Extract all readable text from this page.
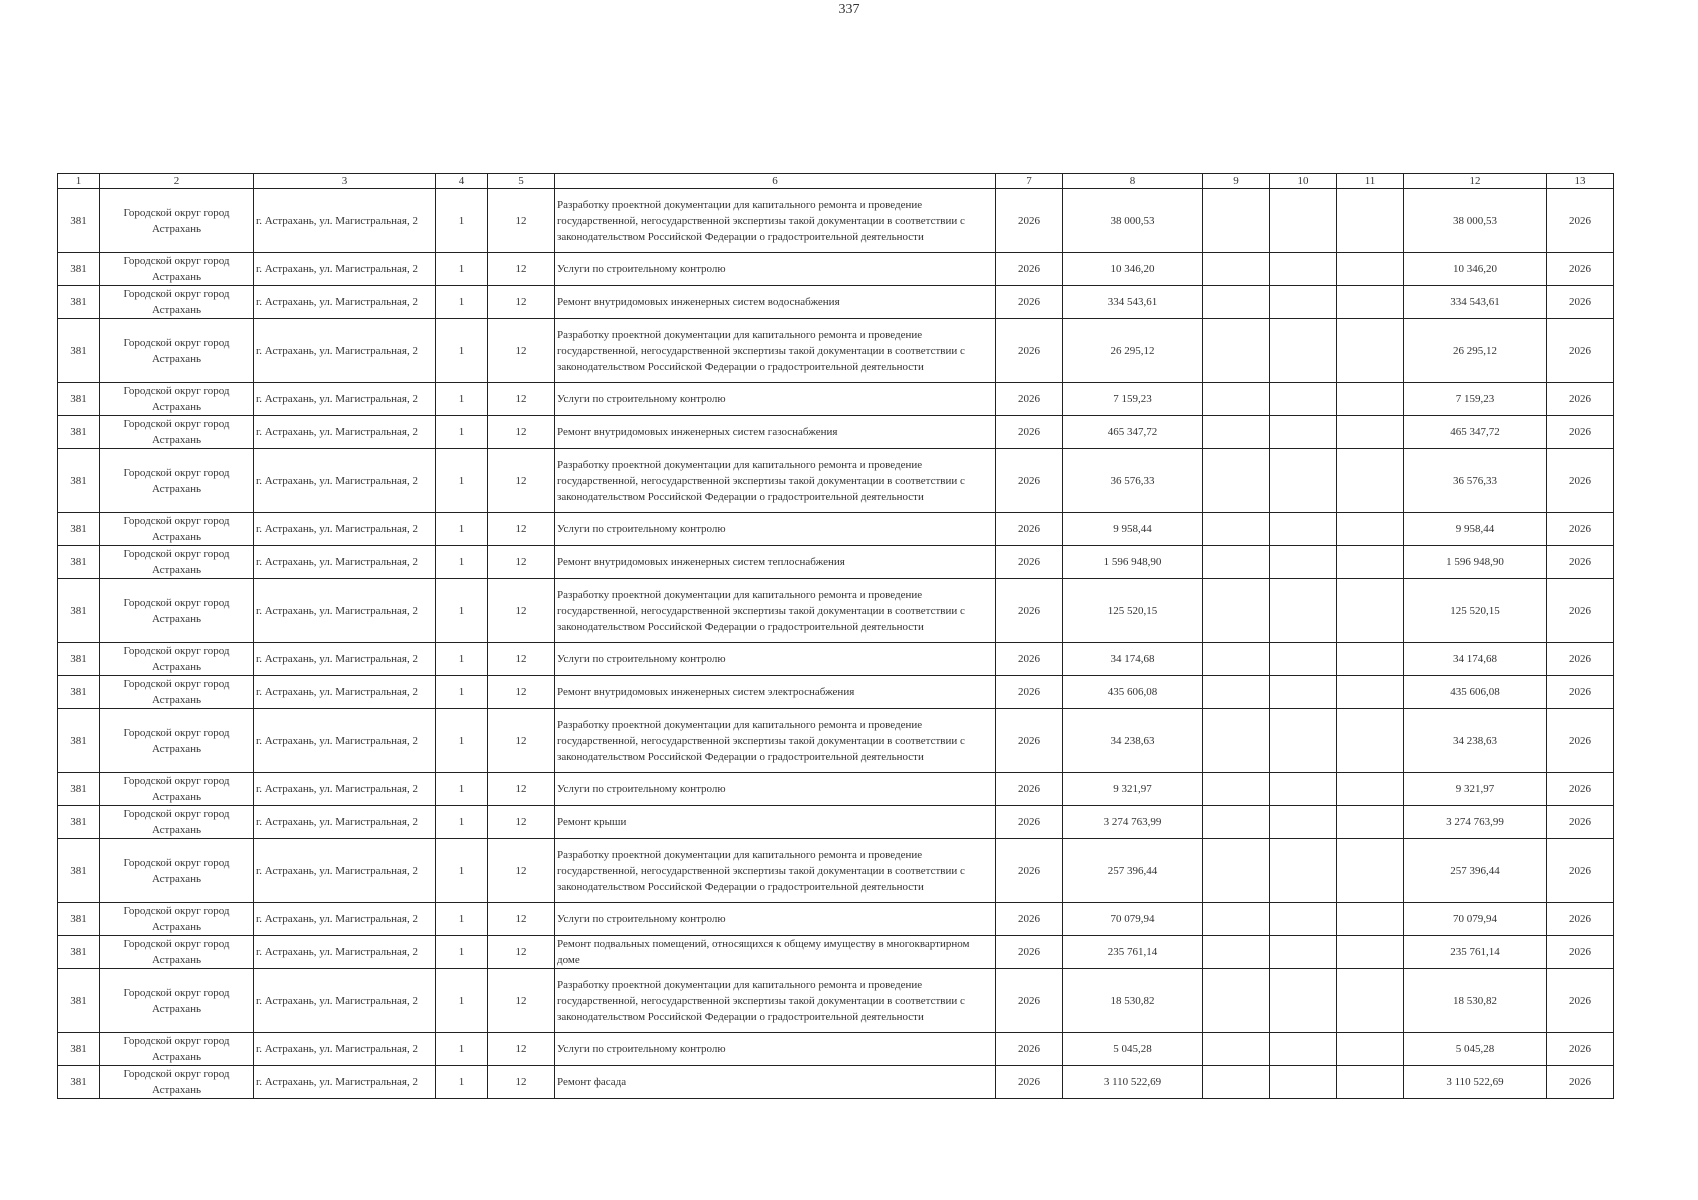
337
1	2	3	4	5	6	7	8	9	10	11	12	13
381	Городской округ город Астрахань	г. Астрахань, ул. Магистральная, 2	1	12	Разработку проектной документации для капитального ремонта и проведение государственной, негосударственной экспертизы такой документации в соответствии с законодательством Российской Федерации о градостроительной деятельности	2026	38 000,53				38 000,53	2026
381	Городской округ город Астрахань	г. Астрахань, ул. Магистральная, 2	1	12	Услуги по строительному контролю	2026	10 346,20				10 346,20	2026
381	Городской округ город Астрахань	г. Астрахань, ул. Магистральная, 2	1	12	Ремонт внутридомовых инженерных систем водоснабжения	2026	334 543,61				334 543,61	2026
381	Городской округ город Астрахань	г. Астрахань, ул. Магистральная, 2	1	12	Разработку проектной документации для капитального ремонта и проведение государственной, негосударственной экспертизы такой документации в соответствии с законодательством Российской Федерации о градостроительной деятельности	2026	26 295,12				26 295,12	2026
381	Городской округ город Астрахань	г. Астрахань, ул. Магистральная, 2	1	12	Услуги по строительному контролю	2026	7 159,23				7 159,23	2026
381	Городской округ город Астрахань	г. Астрахань, ул. Магистральная, 2	1	12	Ремонт внутридомовых инженерных систем газоснабжения	2026	465 347,72				465 347,72	2026
381	Городской округ город Астрахань	г. Астрахань, ул. Магистральная, 2	1	12	Разработку проектной документации для капитального ремонта и проведение государственной, негосударственной экспертизы такой документации в соответствии с законодательством Российской Федерации о градостроительной деятельности	2026	36 576,33				36 576,33	2026
381	Городской округ город Астрахань	г. Астрахань, ул. Магистральная, 2	1	12	Услуги по строительному контролю	2026	9 958,44				9 958,44	2026
381	Городской округ город Астрахань	г. Астрахань, ул. Магистральная, 2	1	12	Ремонт внутридомовых инженерных систем теплоснабжения	2026	1 596 948,90				1 596 948,90	2026
381	Городской округ город Астрахань	г. Астрахань, ул. Магистральная, 2	1	12	Разработку проектной документации для капитального ремонта и проведение государственной, негосударственной экспертизы такой документации в соответствии с законодательством Российской Федерации о градостроительной деятельности	2026	125 520,15				125 520,15	2026
381	Городской округ город Астрахань	г. Астрахань, ул. Магистральная, 2	1	12	Услуги по строительному контролю	2026	34 174,68				34 174,68	2026
381	Городской округ город Астрахань	г. Астрахань, ул. Магистральная, 2	1	12	Ремонт внутридомовых инженерных систем электроснабжения	2026	435 606,08				435 606,08	2026
381	Городской округ город Астрахань	г. Астрахань, ул. Магистральная, 2	1	12	Разработку проектной документации для капитального ремонта и проведение государственной, негосударственной экспертизы такой документации в соответствии с законодательством Российской Федерации о градостроительной деятельности	2026	34 238,63				34 238,63	2026
381	Городской округ город Астрахань	г. Астрахань, ул. Магистральная, 2	1	12	Услуги по строительному контролю	2026	9 321,97				9 321,97	2026
381	Городской округ город Астрахань	г. Астрахань, ул. Магистральная, 2	1	12	Ремонт крыши	2026	3 274 763,99				3 274 763,99	2026
381	Городской округ город Астрахань	г. Астрахань, ул. Магистральная, 2	1	12	Разработку проектной документации для капитального ремонта и проведение государственной, негосударственной экспертизы такой документации в соответствии с законодательством Российской Федерации о градостроительной деятельности	2026	257 396,44				257 396,44	2026
381	Городской округ город Астрахань	г. Астрахань, ул. Магистральная, 2	1	12	Услуги по строительному контролю	2026	70 079,94				70 079,94	2026
381	Городской округ город Астрахань	г. Астрахань, ул. Магистральная, 2	1	12	Ремонт подвальных помещений, относящихся к общему имуществу в многоквартирном доме	2026	235 761,14				235 761,14	2026
381	Городской округ город Астрахань	г. Астрахань, ул. Магистральная, 2	1	12	Разработку проектной документации для капитального ремонта и проведение государственной, негосударственной экспертизы такой документации в соответствии с законодательством Российской Федерации о градостроительной деятельности	2026	18 530,82				18 530,82	2026
381	Городской округ город Астрахань	г. Астрахань, ул. Магистральная, 2	1	12	Услуги по строительному контролю	2026	5 045,28				5 045,28	2026
381	Городской округ город Астрахань	г. Астрахань, ул. Магистральная, 2	1	12	Ремонт фасада	2026	3 110 522,69				3 110 522,69	2026
